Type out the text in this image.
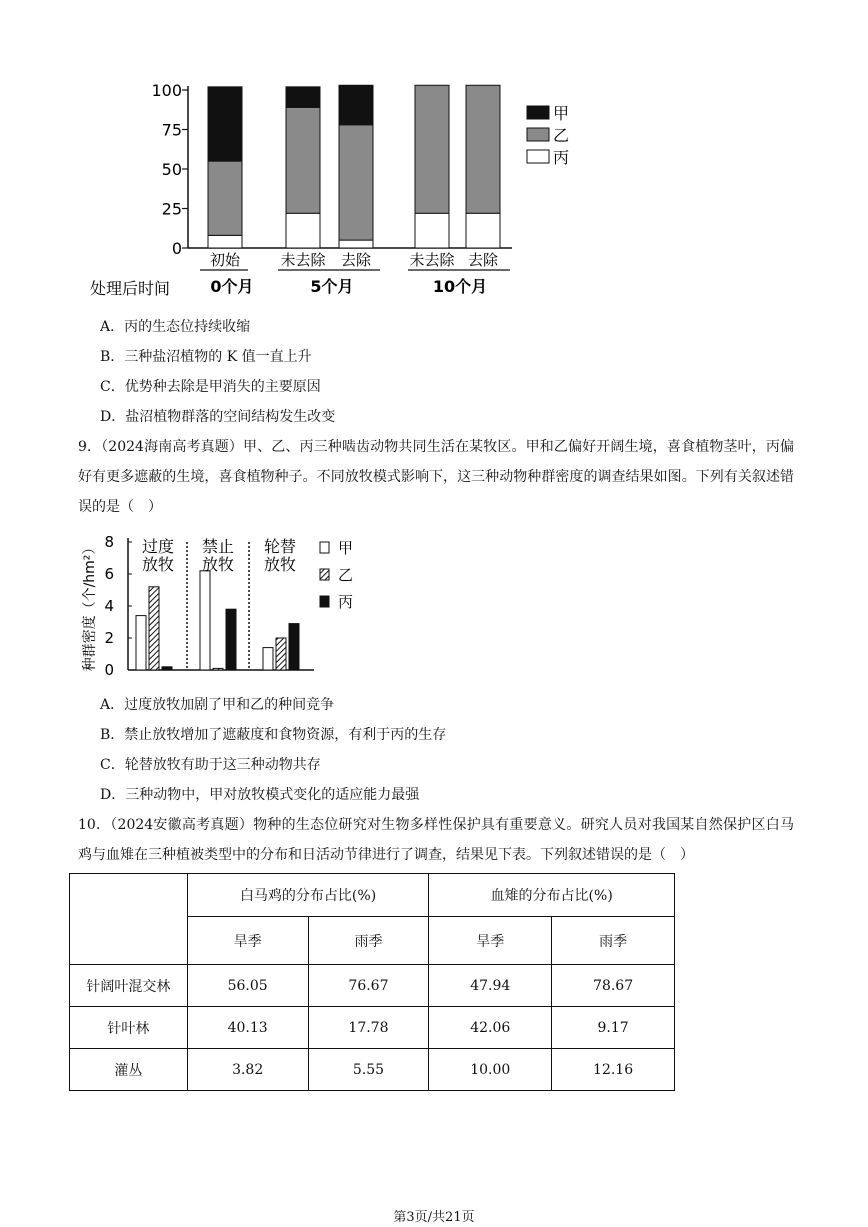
0
25
50
75
100
初始	未去除 去除	未去除 去除
0个月	5个月	10个月
处理后时间
甲
乙
丙
A．丙的生态位持续收缩
B．三种盐沼植物的 K 值一直上升
C．优势种去除是甲消失的主要原因
D．盐沼植物群落的空间结构发生改变
9．（2024海南高考真题）甲、乙、丙三种啮齿动物共同生活在某牧区。甲和乙偏好开阔生境，喜食植物茎叶，丙偏好有更多遮蔽的生境，喜食植物种子。不同放牧模式影响下，这三种动物种群密度的调查结果如图。下列有关叙述错误的是（　）
0
2
4
6
8
种群密度（个/hm²）	过度
放牧
禁止
放牧
轮替
放牧
甲
乙
丙
A．过度放牧加剧了甲和乙的种间竞争
B．禁止放牧增加了遮蔽度和食物资源，有利于丙的生存
C．轮替放牧有助于这三种动物共存
D．三种动物中，甲对放牧模式变化的适应能力最强
10．（2024安徽高考真题）物种的生态位研究对生物多样性保护具有重要意义。研究人员对我国某自然保护区白马鸡与血雉在三种植被类型中的分布和日活动节律进行了调查，结果见下表。下列叙述错误的是（　）
	白马鸡的分布占比(%)		血雉的分布占比(%)	
	旱季	雨季	旱季	雨季
针阔叶混交林	56.05	76.67	47.94	78.67
针叶林	40.13	17.78	42.06	9.17
灌丛	3.82	5.55	10.00	12.16
第3页/共21页
